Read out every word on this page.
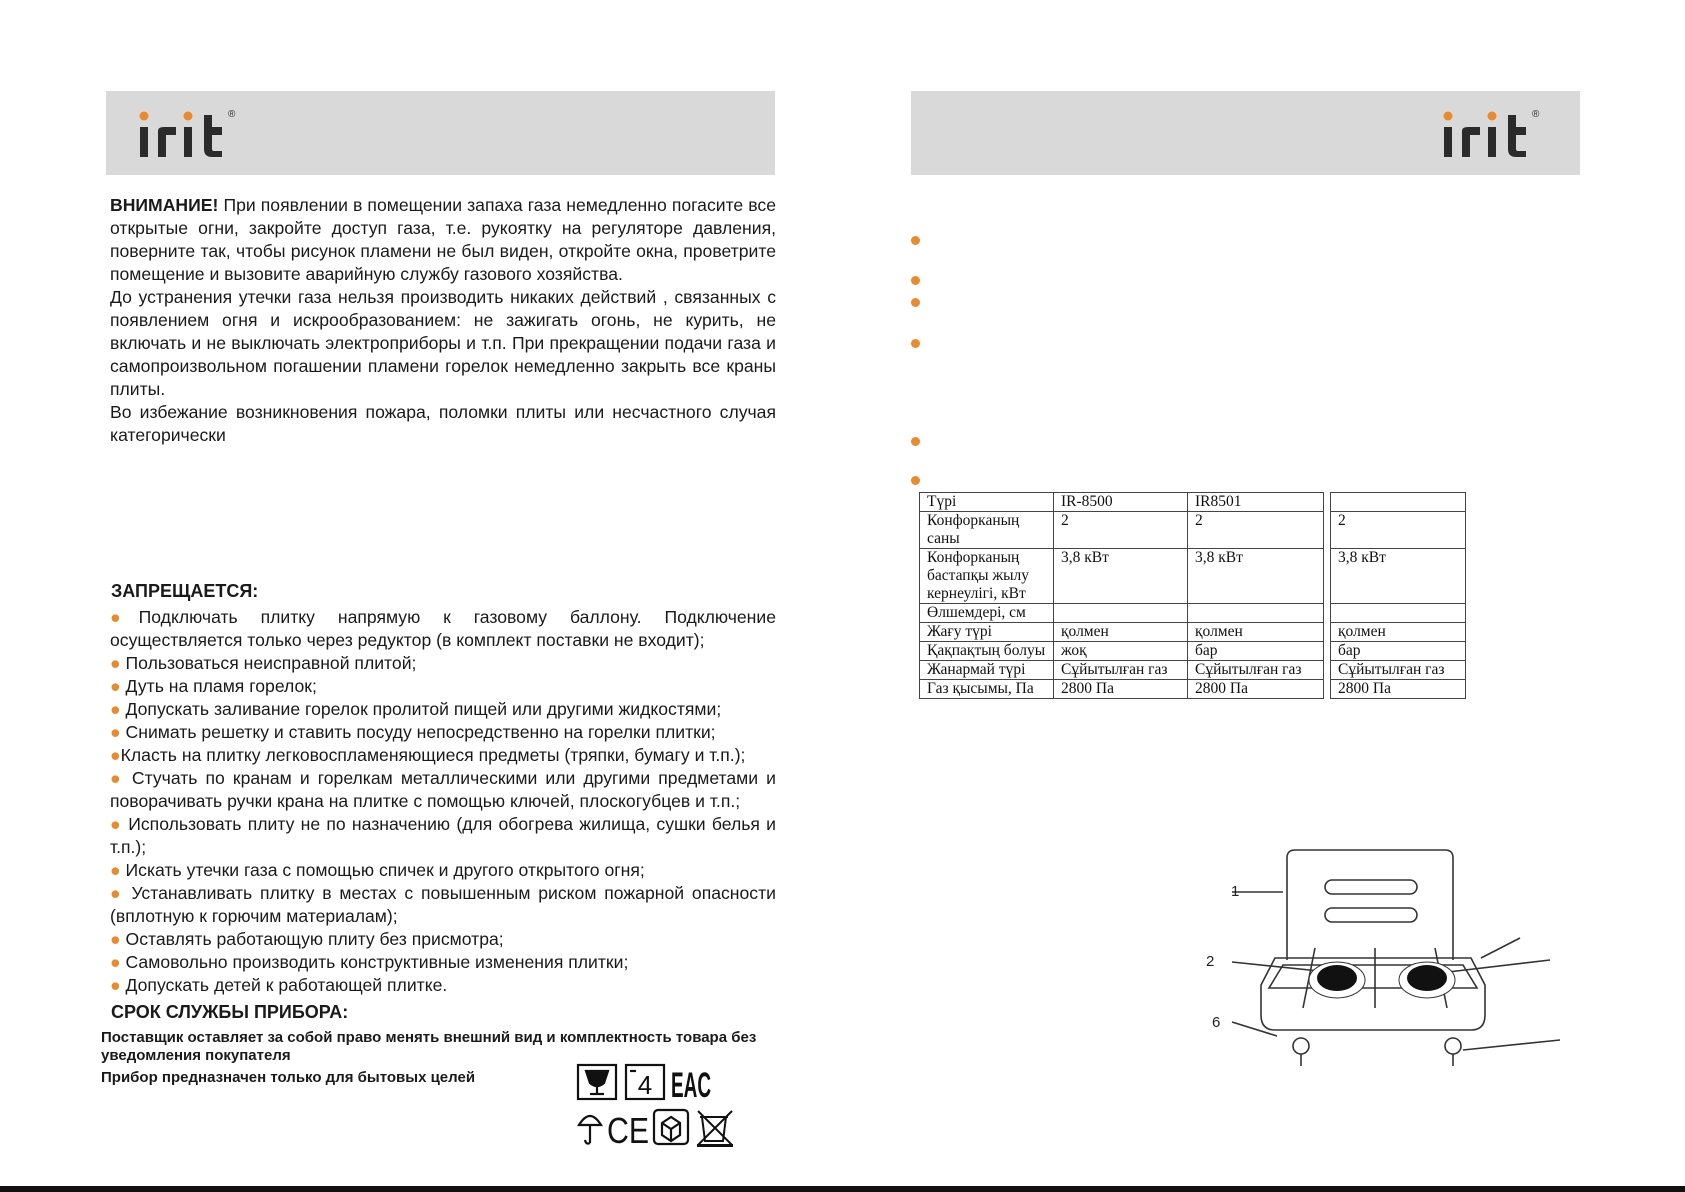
®	®

ВНИМАНИЕ! При появлении в помещении запаха газа немедленно погасите все открытые огни, закройте доступ газа, т.е. рукоятку на регуляторе давления, поверните так, чтобы рисунок пламени не был виден, откройте окна, проветрите помещение и вызовите аварийную службу газового хозяйства.

До устранения утечки газа нельзя производить никаких действий , связанных с появлением огня и искрообразованием: не зажигать огонь, не курить, не включать и не выключать электроприборы и т.п. При прекращении подачи газа и самопроизвольном погашении пламени горелок немедленно закрыть все краны плиты.

Во избежание возникновения пожара, поломки плиты или несчастного случая категорически

ЗАПРЕЩАЕТСЯ:

●Подключать плитку напрямую к газовому баллону. Подключение осуществляется только через редуктор (в комплект поставки не входит);

● Пользоваться неисправной плитой;

● Дуть на пламя горелок;

● Допускать заливание горелок пролитой пищей или другими жидкостями;

● Снимать решетку и ставить посуду непосредственно на горелки плитки;

●Класть на плитку легковоспламеняющиеся предметы (тряпки, бумагу и т.п.);

● Стучать по кранам и горелкам металлическими или другими предметами и поворачивать ручки крана на плитке с помощью ключей, плоскогубцев и т.п.;

● Использовать плиту не по назначению (для обогрева жилища, сушки белья и т.п.);

● Искать утечки газа с помощью спичек и другого открытого огня;

● Устанавливать плитку в местах с повышенным риском пожарной опасности (вплотную к горючим материалам);

● Оставлять работающую плиту без присмотра;

● Самовольно производить конструктивные изменения плитки;

● Допускать детей к работающей плитке.

СРОК СЛУЖБЫ ПРИБОРА:
Поставщик оставляет за собой право менять внешний вид и комплектность товара без уведомления покупателя
Прибор предназначен только для бытовых целей	4 EAC
CE
Түрі	IR-8500	IR8501		
Конфорканың саны	2	2		2
Конфорканың бастапқы жылу кернеулігі, кВт	3,8 кВт	3,8 кВт		3,8 кВт
Өлшемдері, см				
Жағу түрі	қолмен	қолмен		қолмен
Қақпақтың болуы	жоқ	бар		бар
Жанармай түрі	Сұйытылған газ	Сұйытылған газ		Сұйытылған газ
Газ қысымы, Па	2800 Па	2800 Па		2800 Па
1
2
6
